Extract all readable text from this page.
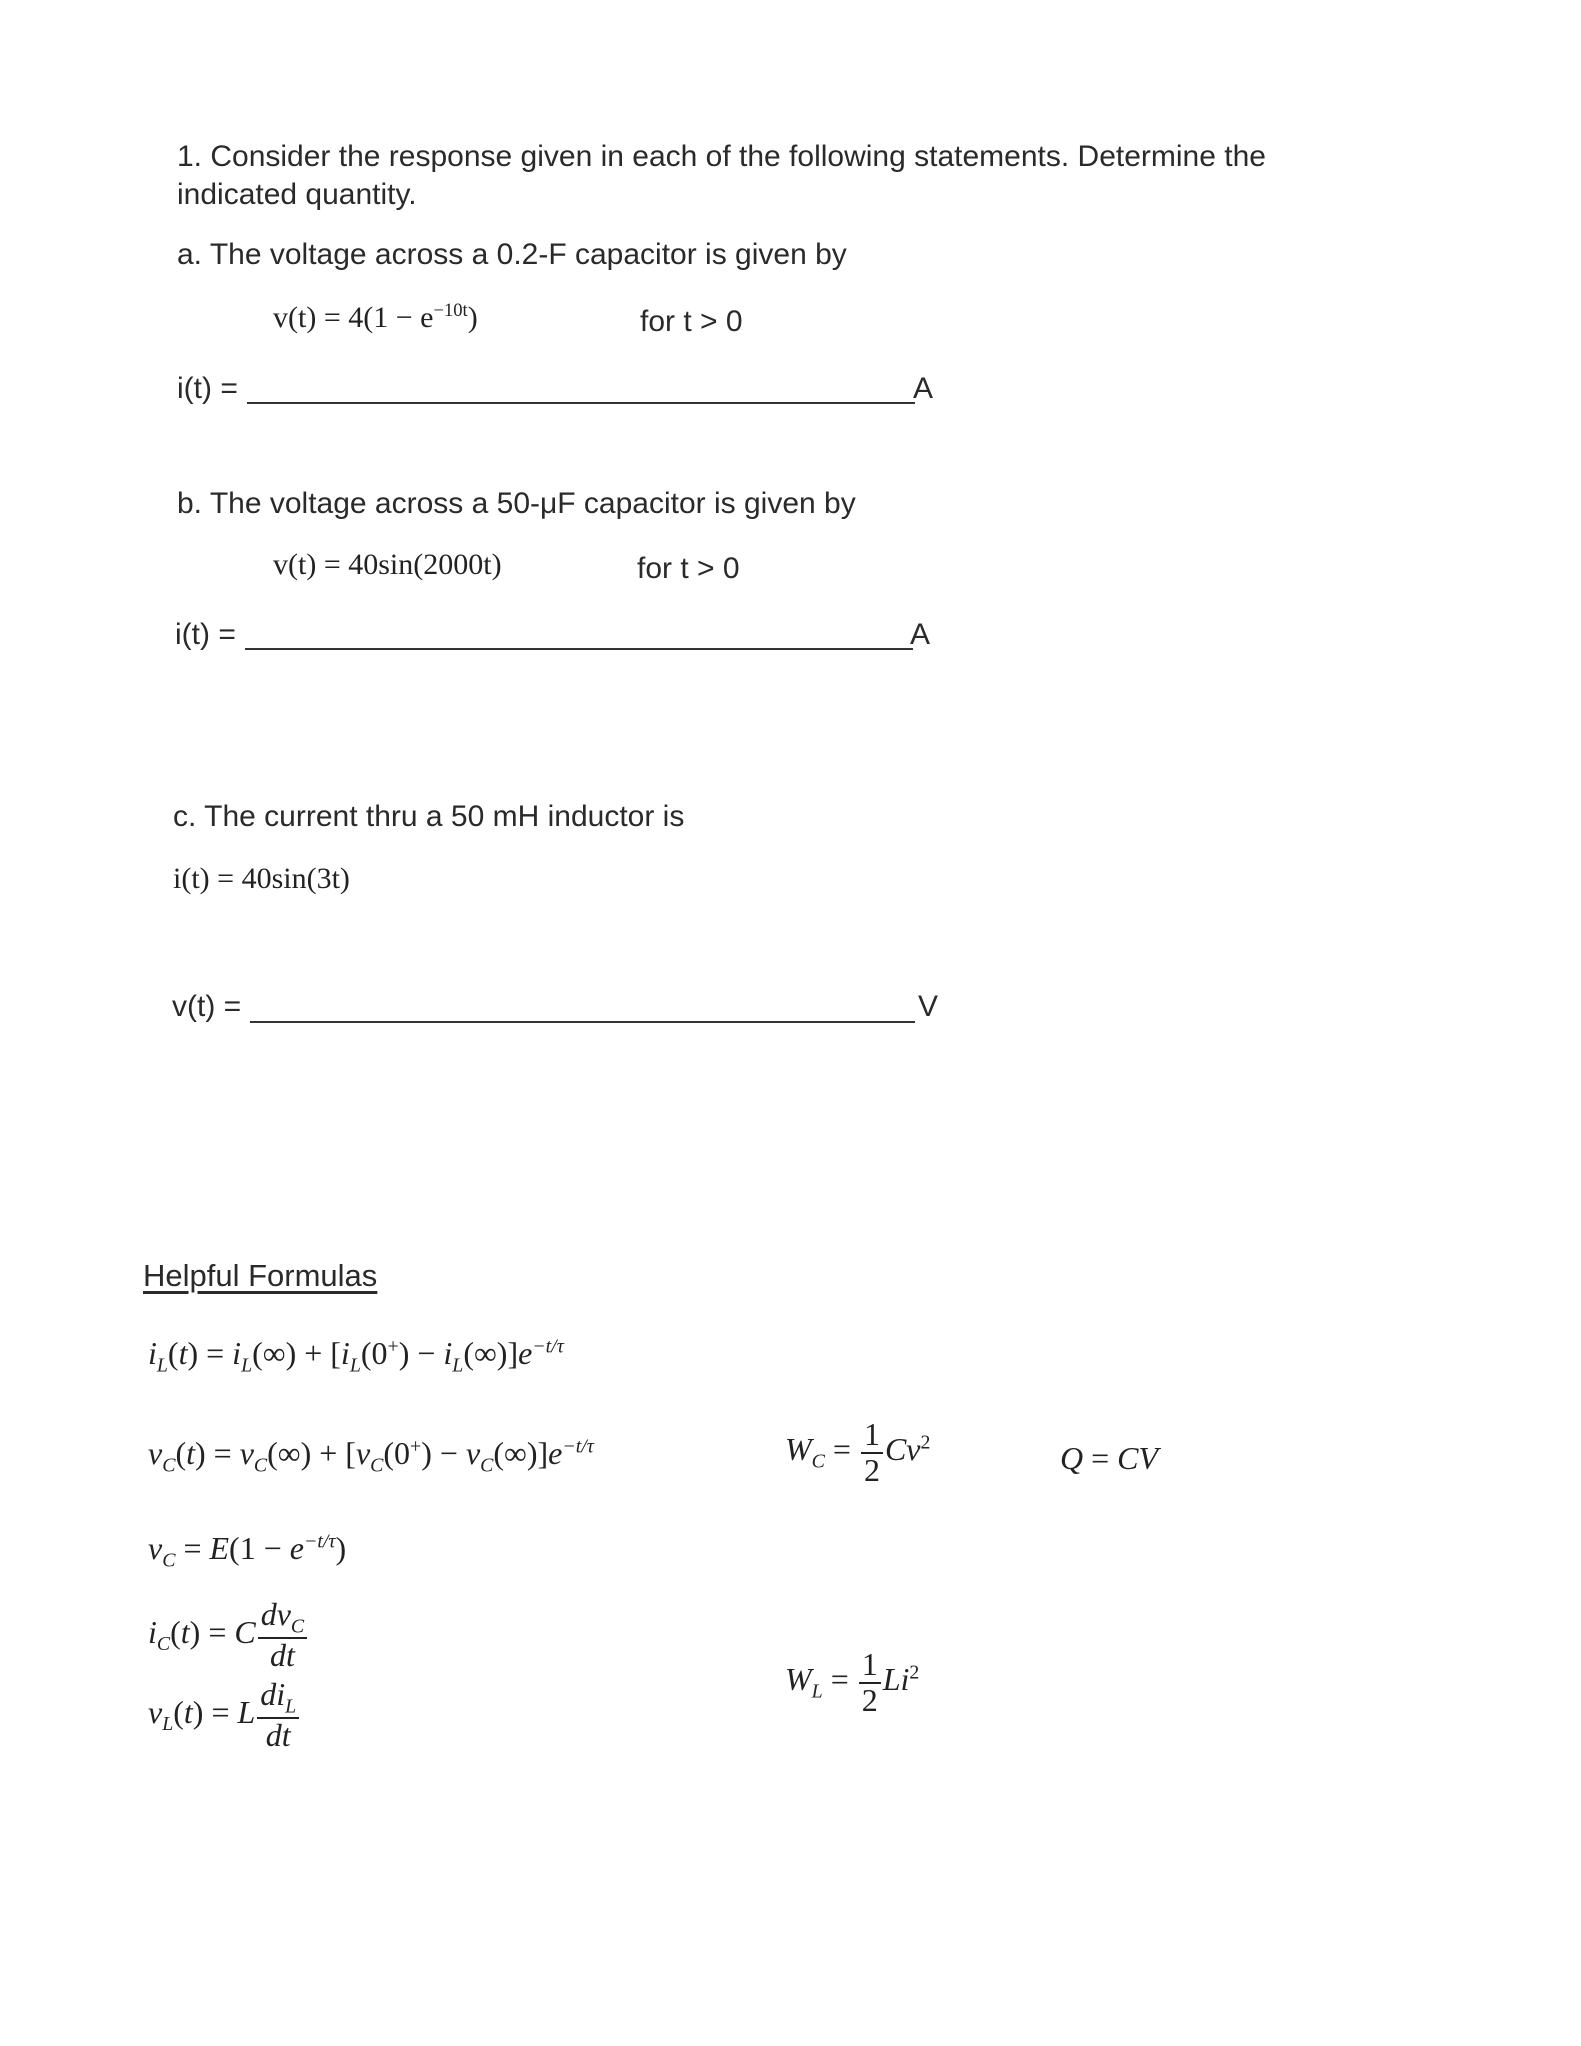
1. Consider the response given in each of the following statements. Determine the
indicated quantity.
a. The voltage across a 0.2-F capacitor is given by
$v(t) = 4(1 - e^{-10t})$	for t > 0
i(t) =	A
b. The voltage across a 50-μF capacitor is given by
v(t) = 40sin(2000t)	for t > 0
i(t) =	A
c. The current thru a 50 mH inductor is
i(t) = 40sin(3t)
v(t) =	V
Helpful Formulas
$i_L(t) = i_L(\infty) + [i_L(0^+) - i_L(\infty)]e^{-t/\tau}$
$v_C(t) = v_C(\infty) + [v_C(0^+) - v_C(\infty)]e^{-t/\tau}$	$W_C = \frac{1}{2} Cv^2$	Q = CV
$v_C = E(1 - e^{-t/\tau})$
$i_C(t) = C \frac{dv_C}{dt}$
$v_L(t) = L \frac{di_L}{dt}$	$W_L = \frac{1}{2} Li^2$
